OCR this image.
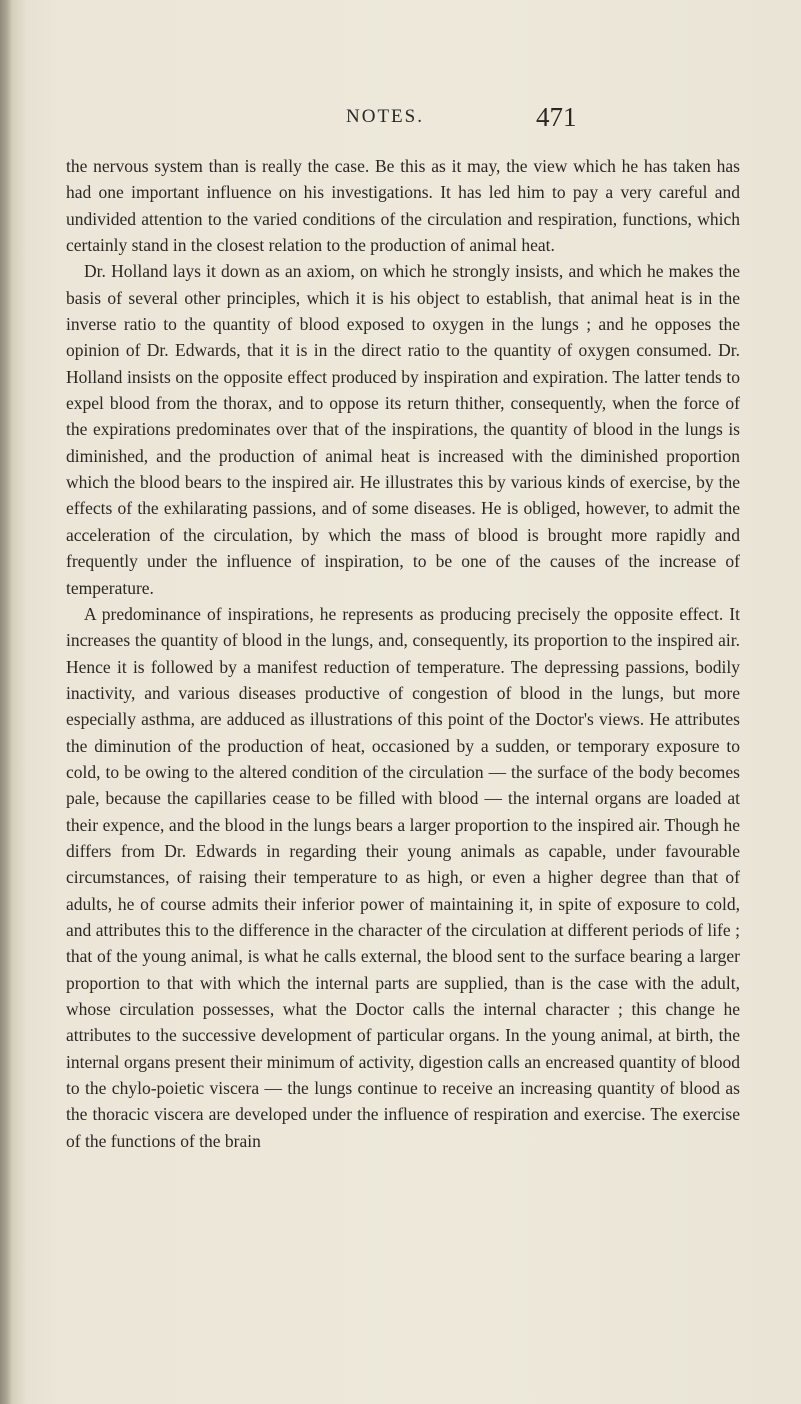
NOTES.	471

the nervous system than is really the case. Be this as it may, the view which he has taken has had one important influence on his investigations. It has led him to pay a very careful and undivided attention to the varied conditions of the circulation and respiration, functions, which certainly stand in the closest relation to the production of animal heat.

Dr. Holland lays it down as an axiom, on which he strongly insists, and which he makes the basis of several other principles, which it is his object to establish, that animal heat is in the inverse ratio to the quantity of blood exposed to oxygen in the lungs ; and he opposes the opinion of Dr. Edwards, that it is in the direct ratio to the quantity of oxygen consumed. Dr. Holland insists on the opposite effect produced by inspiration and expiration. The latter tends to expel blood from the thorax, and to oppose its return thither, consequently, when the force of the expirations predominates over that of the inspirations, the quantity of blood in the lungs is diminished, and the production of animal heat is increased with the diminished proportion which the blood bears to the inspired air. He illustrates this by various kinds of exercise, by the effects of the exhilarating passions, and of some diseases. He is obliged, however, to admit the acceleration of the circulation, by which the mass of blood is brought more rapidly and frequently under the influence of inspiration, to be one of the causes of the increase of temperature.

A predominance of inspirations, he represents as producing precisely the opposite effect. It increases the quantity of blood in the lungs, and, consequently, its proportion to the inspired air. Hence it is followed by a manifest reduction of temperature. The depressing passions, bodily inactivity, and various diseases productive of congestion of blood in the lungs, but more especially asthma, are adduced as illustrations of this point of the Doctor's views. He attributes the diminution of the production of heat, occasioned by a sudden, or temporary exposure to cold, to be owing to the altered condition of the circulation — the surface of the body becomes pale, because the capillaries cease to be filled with blood — the internal organs are loaded at their expence, and the blood in the lungs bears a larger proportion to the inspired air. Though he differs from Dr. Edwards in regarding their young animals as capable, under favourable circumstances, of raising their temperature to as high, or even a higher degree than that of adults, he of course admits their inferior power of maintaining it, in spite of exposure to cold, and attributes this to the difference in the character of the circulation at different periods of life ; that of the young animal, is what he calls external, the blood sent to the surface bearing a larger proportion to that with which the internal parts are supplied, than is the case with the adult, whose circulation possesses, what the Doctor calls the internal character ; this change he attributes to the successive development of particular organs. In the young animal, at birth, the internal organs present their minimum of activity, digestion calls an encreased quantity of blood to the chylo-poietic viscera — the lungs continue to receive an increasing quantity of blood as the thoracic viscera are developed under the influence of respiration and exercise. The exercise of the functions of the brain
